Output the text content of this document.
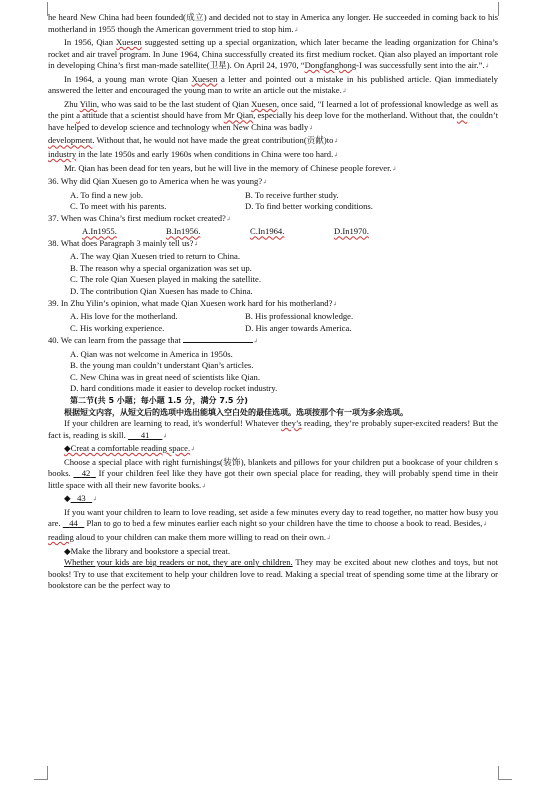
he heard New China had been founded(成立) and decided not to stay in America any longer. He succeeded in coming back to his motherland in 1955 though the American government tried to stop him.↲

In 1956, Qian Xuesen suggested setting up a special organization, which later became the leading organization for China’s rocket and air travel program. In June 1964, China successfully created its first medium rocket. Qian also played an important role in developing China’s first man-made satellite(卫星). On April 24, 1970, “Dongfanghong-I was successfully sent into the air.”.↲

In 1964, a young man wrote Qian Xuesen a letter and pointed out a mistake in his published article. Qian immediately answered the letter and encouraged the young man to write an article out the mistake.↲

Zhu Yilin, who was said to be the last student of Qian Xuesen, once said, "I learned a lot of professional knowledge as well as the pint a attitude that a scientist should have from Mr Qian, especially his deep love for the motherland. Without that, the couldn’t have helped to develop science and technology when New China was badly↲

development. Without that, he would not have made the great contribution(贡献)to↲
industry in the late 1950s and early 1960s when conditions in China were too hard.↲

Mr. Qian has been dead for ten years, but he will live in the memory of Chinese people forever.↲

36. Why did Qian Xuesen go to America when he was young?↲

A. To find a new job.	B. To receive further study.
C. To meet with his parents.	D. To find better working conditions.

37. When was China’s first medium rocket created?↲

A.In1955.	B.In1956.	C.In1964.	D.In1970.

38. What does Paragraph 3 mainly tell us?↲

A. The way Qian Xuesen tried to return to China.
B. The reason why a special organization was set up.
C. The role Qian Xuesen played in making the satellite.
D. The contribution Qian Xuesen has made to China.

39. In Zhu Yilin’s opinion, what made Qian Xuesen work hard for his motherland?↲

A. His love for the motherland.	B. His professional knowledge.
C. His working experience.	D. His anger towards America.

40. We can learn from the passage that	↲

A. Qian was not welcome in America in 1950s.
B. the young man couldn’t understant Qian’s articles.
C. New China was in great need of scientists like Qian.
D. hard conditions made it easier to develop rocket industry.

第二节(共 5 小题；每小题 1.5 分，满分 7.5 分)

根据短文内容，从短文后的选项中选出能填入空白处的最佳选项。选项按那个有一项为多余选项。

If your children are learning to read, it's wonderful! Whatever they’s reading, they’re probably super-excited readers! But the fact is, reading is skill. 41 ↲

◆Creat a comfortable reading space.↲

Choose a special place with right furnishings(装饰), blankets and pillows for your children put a bookcase of your children s books. 42   If your children feel like they have got their own special place for reading, they will probably spend time in their little space with all their new favorite books.↲

◆ 43 ↲

If you want your children to learn to love reading, set aside a few minutes every day to read together, no matter how busy you are. 44    Plan to go to bed a few minutes earlier each night so your children have the time to choose a book to read. Besides,↲
reading aloud to your children can make them more willing to read on their own.↲

◆Make the library and bookstore a special treat.

Whether your kids are big readers or not, they are only children. They may be excited about new clothes and toys, but not books! Try to use that excitement to help your children love to read. Making a special treat of spending some time at the library or bookstore can be the perfect way to
